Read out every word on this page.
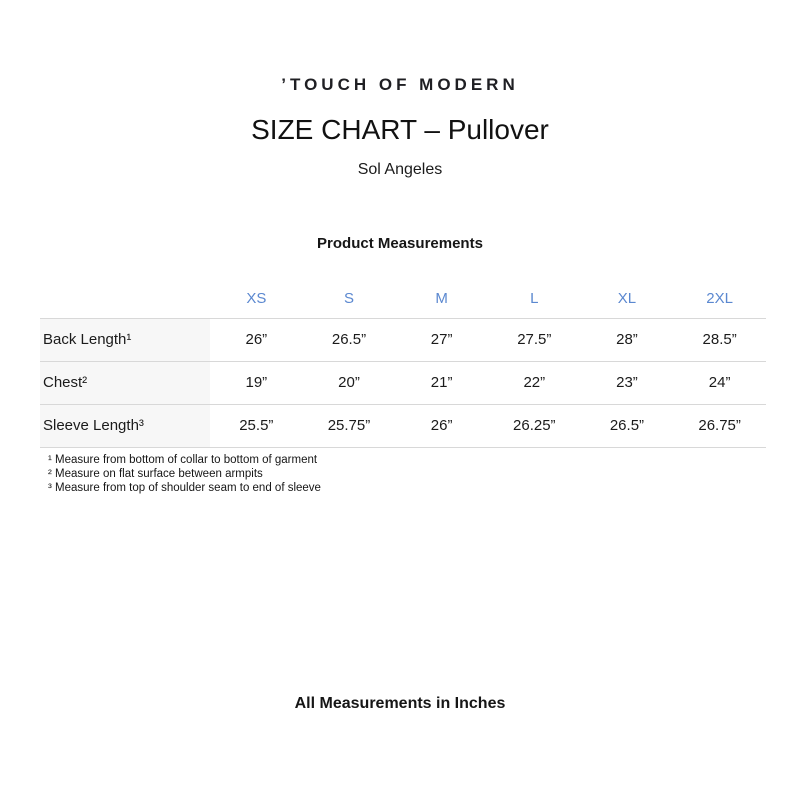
’TOUCH OF MODERN
SIZE CHART – Pullover
Sol Angeles
Product Measurements
	XS	S	M	L	XL	2XL
Back Length¹	26”	26.5”	27”	27.5”	28”	28.5”
Chest²	19”	20”	21”	22”	23”	24”
Sleeve Length³	25.5”	25.75”	26”	26.25”	26.5”	26.75”
¹ Measure from bottom of collar to bottom of garment
² Measure on flat surface between armpits
³ Measure from top of shoulder seam to end of sleeve
All Measurements in Inches
